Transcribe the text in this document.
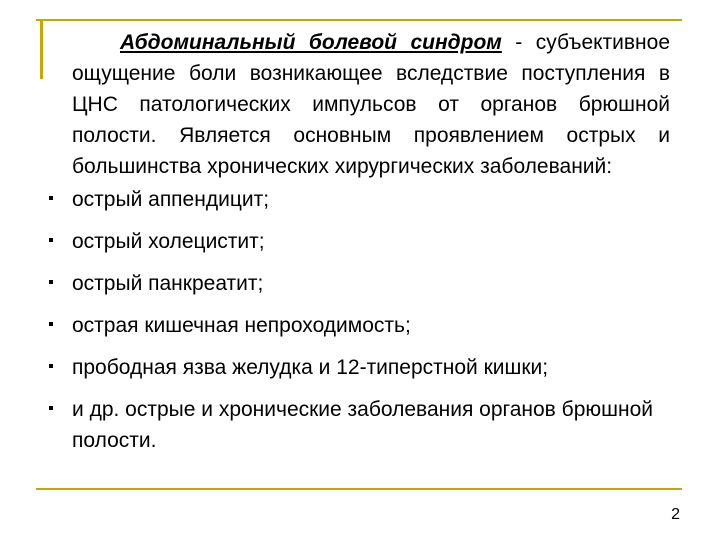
Абдоминальный болевой синдром - субъективное ощущение боли возникающее вследствие поступления в ЦНС патологических импульсов от органов брюшной полости. Является основным проявлением острых и большинства хронических хирургических заболеваний:

острый аппендицит;
острый холецистит;
острый панкреатит;
острая кишечная непроходимость;
прободная язва желудка и 12-типерстной кишки;
и др. острые и хронические заболевания органов брюшной полости.
2
